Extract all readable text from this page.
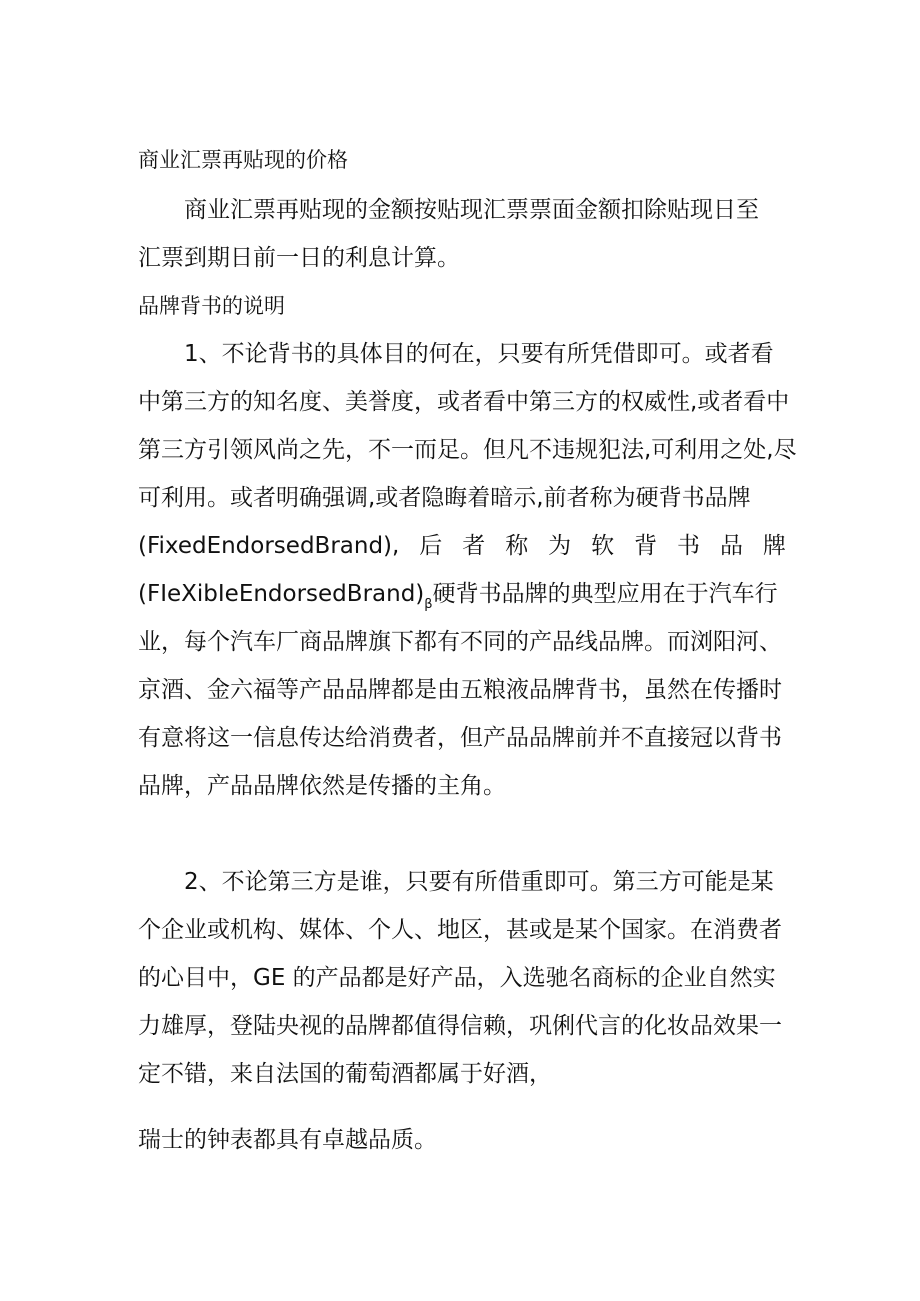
商业汇票再贴现的价格

　　商业汇票再贴现的金额按贴现汇票票面金额扣除贴现日至

汇票到期日前一日的利息计算。

品牌背书的说明

　　1、不论背书的具体目的何在，只要有所凭借即可。或者看

中第三方的知名度、美誉度，或者看中第三方的权威性,或者看中

第三方引领风尚之先，不一而足。但凡不违规犯法,可利用之处,尽

可利用。或者明确强调,或者隐晦着暗示,前者称为硬背书品牌

(FixedEndorsedBrand), 后 者 称 为 软 背 书 品 牌

$(FIeXibIeEndorsedBrand)_\beta$硬背书品牌的典型应用在于汽车行

业，每个汽车厂商品牌旗下都有不同的产品线品牌。而浏阳河、

京酒、金六福等产品品牌都是由五粮液品牌背书，虽然在传播时

有意将这一信息传达给消费者，但产品品牌前并不直接冠以背书

品牌，产品品牌依然是传播的主角。

　　2、不论第三方是谁，只要有所借重即可。第三方可能是某

个企业或机构、媒体、个人、地区，甚或是某个国家。在消费者

的心目中，GE 的产品都是好产品，入选驰名商标的企业自然实

力雄厚，登陆央视的品牌都值得信赖，巩俐代言的化妆品效果一

定不错，来自法国的葡萄酒都属于好酒，

瑞士的钟表都具有卓越品质。
